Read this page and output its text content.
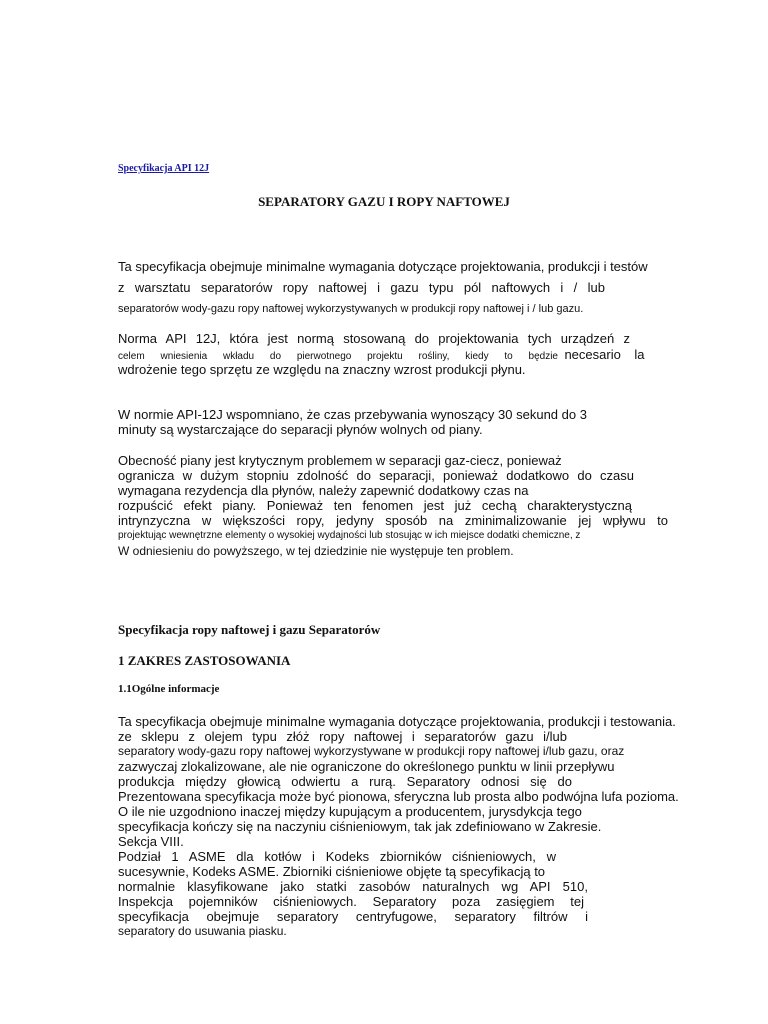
Specyfikacja API 12J
SEPARATORY GAZU I ROPY NAFTOWEJ
Ta specyfikacja obejmuje minimalne wymagania dotyczące projektowania, produkcji i testów
z warsztatu separatorów ropy naftowej i gazu typu pól naftowych i / lub
separatorów wody-gazu ropy naftowej wykorzystywanych w produkcji ropy naftowej i / lub gazu.
Norma API 12J, która jest normą stosowaną do projektowania tych urządzeń z
celem wniesienia wkładu do pierwotnego projektu rośliny, kiedy to będzie necesario la
wdrożenie tego sprzętu ze względu na znaczny wzrost produkcji płynu.
W normie API-12J wspomniano, że czas przebywania wynoszący 30 sekund do 3
minuty są wystarczające do separacji płynów wolnych od piany.
Obecność piany jest krytycznym problemem w separacji gaz-ciecz, ponieważ
ogranicza w dużym stopniu zdolność do separacji, ponieważ dodatkowo do czasu
wymagana rezydencja dla płynów, należy zapewnić dodatkowy czas na
rozpuścić efekt piany. Ponieważ ten fenomen jest już cechą charakterystyczną
intrynzyczna w większości ropy, jedyny sposób na zminimalizowanie jej wpływu to
projektując wewnętrzne elementy o wysokiej wydajności lub stosując w ich miejsce dodatki chemiczne, z
W odniesieniu do powyższego, w tej dziedzinie nie występuje ten problem.
Specyfikacja ropy naftowej i gazu Separatorów
1 ZAKRES ZASTOSOWANIA
1.1Ogólne informacje
Ta specyfikacja obejmuje minimalne wymagania dotyczące projektowania, produkcji i testowania.
ze sklepu z olejem typu złóż ropy naftowej i separatorów gazu i/lub
separatory wody-gazu ropy naftowej wykorzystywane w produkcji ropy naftowej i/lub gazu, oraz
zazwyczaj zlokalizowane, ale nie ograniczone do określonego punktu w linii przepływu
produkcja między głowicą odwiertu a rurą. Separatory odnosi się do
Prezentowana specyfikacja może być pionowa, sferyczna lub prosta albo podwójna lufa pozioma.
O ile nie uzgodniono inaczej między kupującym a producentem, jurysdykcja tego
specyfikacja kończy się na naczyniu ciśnieniowym, tak jak zdefiniowano w Zakresie.
Sekcja VIII.
Podział 1 ASME dla kotłów i Kodeks zbiorników ciśnieniowych, w
sucesywnie, Kodeks ASME. Zbiorniki ciśnieniowe objęte tą specyfikacją to
normalnie klasyfikowane jako statki zasobów naturalnych wg API 510,
Inspekcja pojemników ciśnieniowych. Separatory poza zasięgiem tej
specyfikacja obejmuje separatory centryfugowe, separatory filtrów i
separatory do usuwania piasku.
